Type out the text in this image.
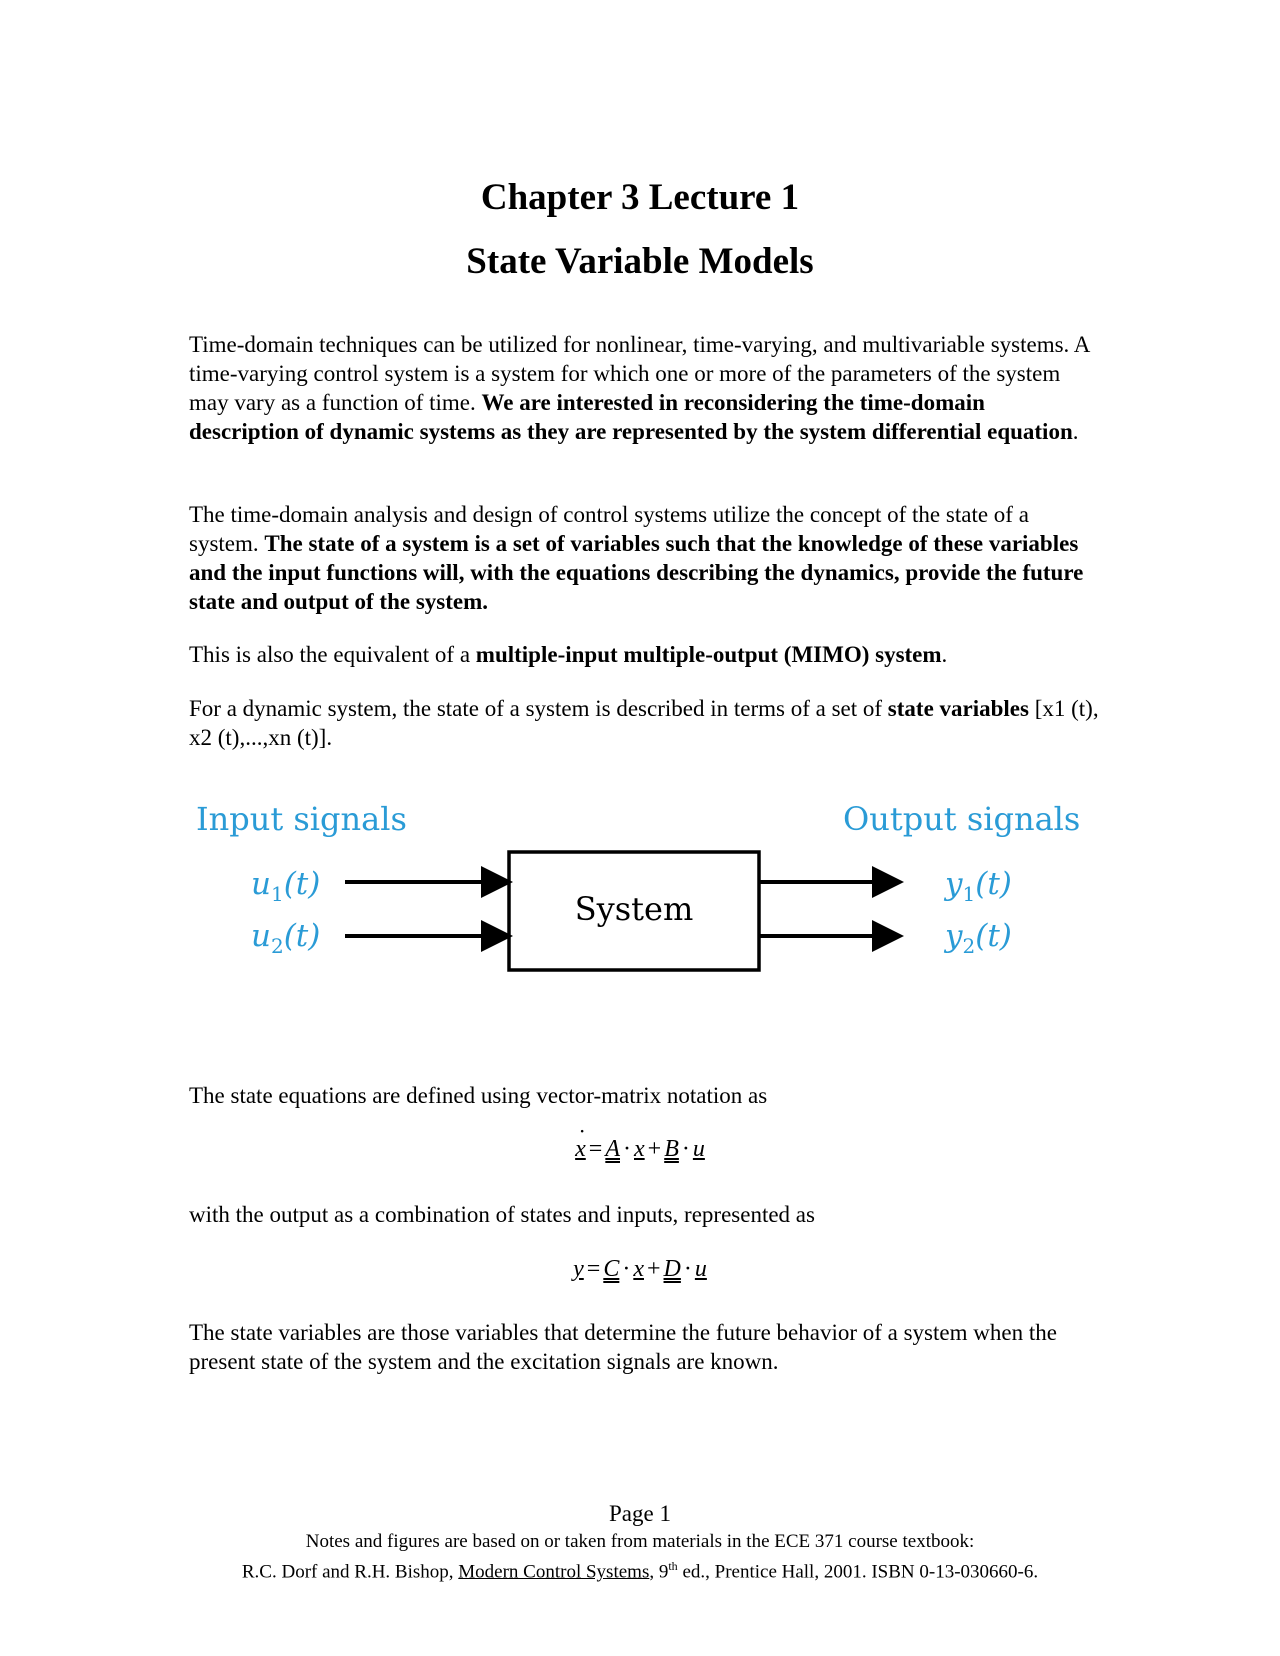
Chapter 3 Lecture 1
State Variable Models

Time-domain techniques can be utilized for nonlinear, time-varying, and multivariable systems. A time-varying control system is a system for which one or more of the parameters of the system may vary as a function of time. We are interested in reconsidering the time-domain description of dynamic systems as they are represented by the system differential equation.

The time-domain analysis and design of control systems utilize the concept of the state of a system. The state of a system is a set of variables such that the knowledge of these variables and the input functions will, with the equations describing the dynamics, provide the future state and output of the system.

This is also the equivalent of a multiple-input multiple-output (MIMO) system.

For a dynamic system, the state of a system is described in terms of a set of state variables [x1 (t), x2 (t),...,xn (t)].

System
Input signals	Output signals
$u_1(t)$
$u_2(t)$
$y_1(t)$
$y_2(t)$

The state equations are defined using vector-matrix notation as

˙ x = A · x + B · u

with the output as a combination of states and inputs, represented as

y = C · x + D · u

The state variables are those variables that determine the future behavior of a system when the present state of the system and the excitation signals are known.

Page 1
Notes and figures are based on or taken from materials in the ECE 371 course textbook:
R.C. Dorf and R.H. Bishop, Modern Control Systems, 9th ed., Prentice Hall, 2001. ISBN 0-13-030660-6.
